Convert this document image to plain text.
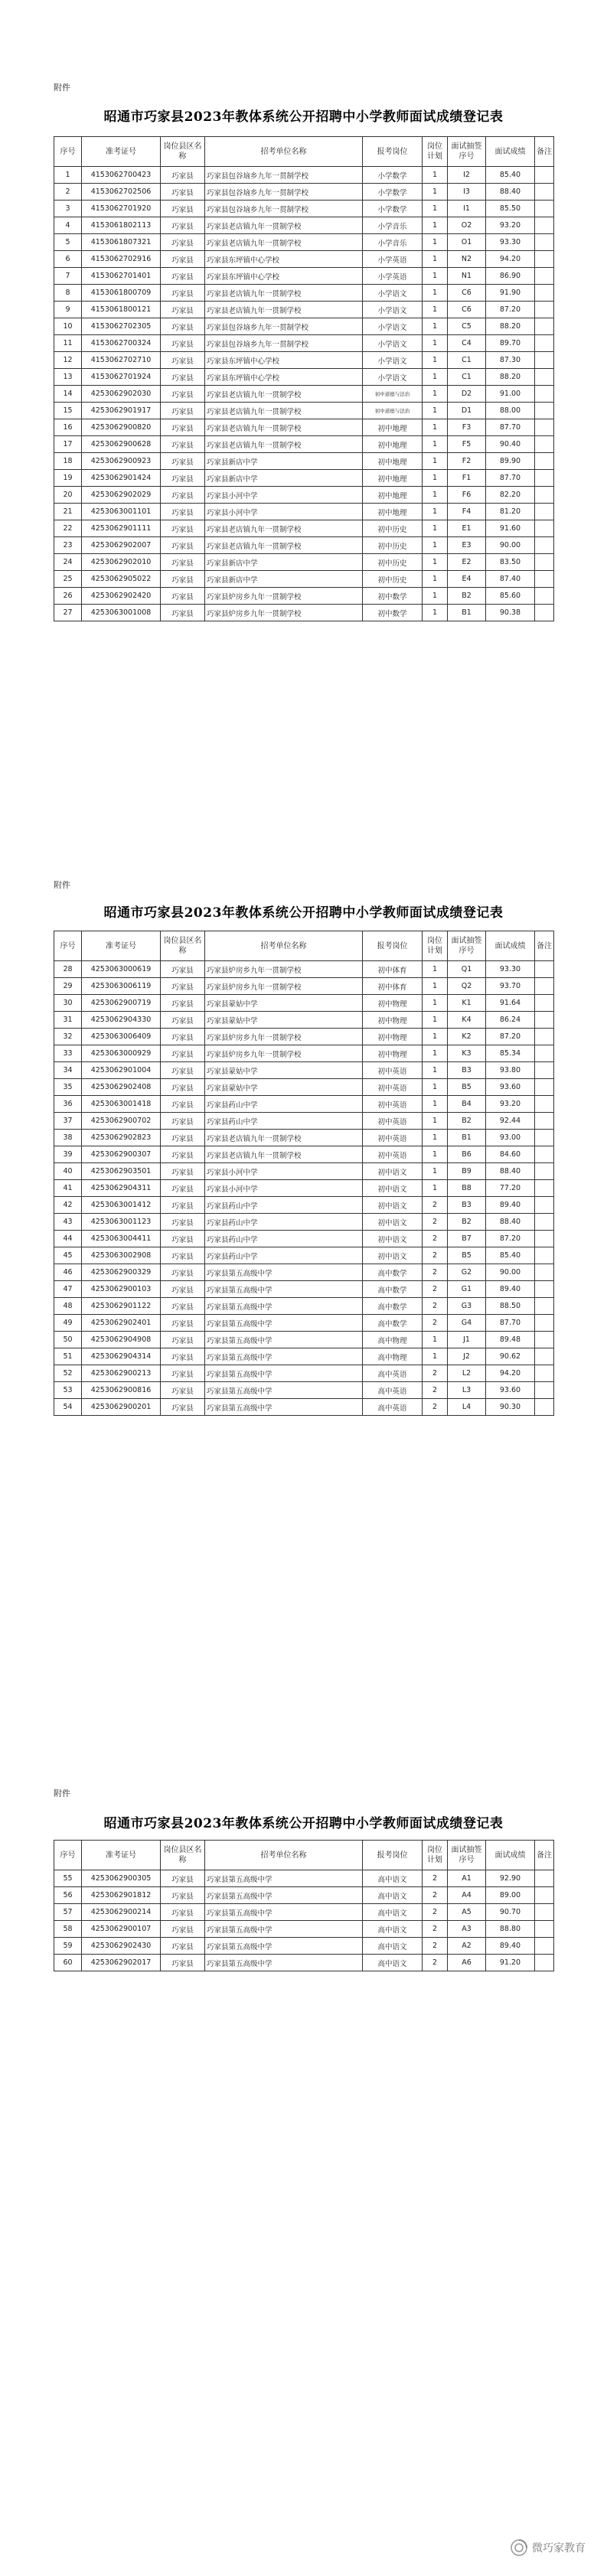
附件
昭通市巧家县2023年教体系统公开招聘中小学教师面试成绩登记表
序号	准考证号	岗位县区名称	招考单位名称	报考岗位	岗位计划	面试抽签序号	面试成绩	备注
1	4153062700423	巧家县	巧家县包谷垴乡九年一贯制学校	小学数学	1	I2	85.40	
2	4153062702506	巧家县	巧家县包谷垴乡九年一贯制学校	小学数学	1	I3	88.40	
3	4153062701920	巧家县	巧家县包谷垴乡九年一贯制学校	小学数学	1	I1	85.50	
4	4153061802113	巧家县	巧家县老店镇九年一贯制学校	小学音乐	1	O2	93.20	
5	4153061807321	巧家县	巧家县老店镇九年一贯制学校	小学音乐	1	O1	93.30	
6	4153062702916	巧家县	巧家县东坪镇中心学校	小学英语	1	N2	94.20	
7	4153062701401	巧家县	巧家县东坪镇中心学校	小学英语	1	N1	86.90	
8	4153061800709	巧家县	巧家县老店镇九年一贯制学校	小学语文	1	C6	91.90	
9	4153061800121	巧家县	巧家县老店镇九年一贯制学校	小学语文	1	C6	87.20	
10	4153062702305	巧家县	巧家县包谷垴乡九年一贯制学校	小学语文	1	C5	88.20	
11	4153062700324	巧家县	巧家县包谷垴乡九年一贯制学校	小学语文	1	C4	89.70	
12	4153062702710	巧家县	巧家县东坪镇中心学校	小学语文	1	C1	87.30	
13	4153062701924	巧家县	巧家县东坪镇中心学校	小学语文	1	C1	88.20	
14	4253062902030	巧家县	巧家县老店镇九年一贯制学校	初中道德与法治	1	D2	91.00	
15	4253062901917	巧家县	巧家县老店镇九年一贯制学校	初中道德与法治	1	D1	88.00	
16	4253062900820	巧家县	巧家县老店镇九年一贯制学校	初中地理	1	F3	87.70	
17	4253062900628	巧家县	巧家县老店镇九年一贯制学校	初中地理	1	F5	90.40	
18	4253062900923	巧家县	巧家县新店中学	初中地理	1	F2	89.90	
19	4253062901424	巧家县	巧家县新店中学	初中地理	1	F1	87.70	
20	4253062902029	巧家县	巧家县小河中学	初中地理	1	F6	82.20	
21	4253063001101	巧家县	巧家县小河中学	初中地理	1	F4	81.20	
22	4253062901111	巧家县	巧家县老店镇九年一贯制学校	初中历史	1	E1	91.60	
23	4253062902007	巧家县	巧家县老店镇九年一贯制学校	初中历史	1	E3	90.00	
24	4253062902010	巧家县	巧家县新店中学	初中历史	1	E2	83.50	
25	4253062905022	巧家县	巧家县新店中学	初中历史	1	E4	87.40	
26	4253062902420	巧家县	巧家县炉房乡九年一贯制学校	初中数学	1	B2	85.60	
27	4253063001008	巧家县	巧家县炉房乡九年一贯制学校	初中数学	1	B1	90.38	
附件
昭通市巧家县2023年教体系统公开招聘中小学教师面试成绩登记表
序号	准考证号	岗位县区名称	招考单位名称	报考岗位	岗位计划	面试抽签序号	面试成绩	备注
28	4253063000619	巧家县	巧家县炉房乡九年一贯制学校	初中体育	1	Q1	93.30	
29	4253063006119	巧家县	巧家县炉房乡九年一贯制学校	初中体育	1	Q2	93.70	
30	4253062900719	巧家县	巧家县蒙姑中学	初中物理	1	K1	91.64	
31	4253062904330	巧家县	巧家县蒙姑中学	初中物理	1	K4	86.24	
32	4253063006409	巧家县	巧家县炉房乡九年一贯制学校	初中物理	1	K2	87.20	
33	4253063000929	巧家县	巧家县炉房乡九年一贯制学校	初中物理	1	K3	85.34	
34	4253062901004	巧家县	巧家县蒙姑中学	初中英语	1	B3	93.80	
35	4253062902408	巧家县	巧家县蒙姑中学	初中英语	1	B5	93.60	
36	4253063001418	巧家县	巧家县药山中学	初中英语	1	B4	93.20	
37	4253062900702	巧家县	巧家县药山中学	初中英语	1	B2	92.44	
38	4253062902823	巧家县	巧家县老店镇九年一贯制学校	初中英语	1	B1	93.00	
39	4253062900307	巧家县	巧家县老店镇九年一贯制学校	初中英语	1	B6	84.60	
40	4253062903501	巧家县	巧家县小河中学	初中语文	1	B9	88.40	
41	4253062904311	巧家县	巧家县小河中学	初中语文	1	B8	77.20	
42	4253063001412	巧家县	巧家县药山中学	初中语文	2	B3	89.40	
43	4253063001123	巧家县	巧家县药山中学	初中语文	2	B2	88.40	
44	4253063004411	巧家县	巧家县药山中学	初中语文	2	B7	87.20	
45	4253063002908	巧家县	巧家县药山中学	初中语文	2	B5	85.40	
46	4253062900329	巧家县	巧家县第五高级中学	高中数学	2	G2	90.00	
47	4253062900103	巧家县	巧家县第五高级中学	高中数学	2	G1	89.40	
48	4253062901122	巧家县	巧家县第五高级中学	高中数学	2	G3	88.50	
49	4253062902401	巧家县	巧家县第五高级中学	高中数学	2	G4	87.70	
50	4253062904908	巧家县	巧家县第五高级中学	高中物理	1	J1	89.48	
51	4253062904314	巧家县	巧家县第五高级中学	高中物理	1	J2	90.62	
52	4253062900213	巧家县	巧家县第五高级中学	高中英语	2	L2	94.20	
53	4253062900816	巧家县	巧家县第五高级中学	高中英语	2	L3	93.60	
54	4253062900201	巧家县	巧家县第五高级中学	高中英语	2	L4	90.30	
附件
昭通市巧家县2023年教体系统公开招聘中小学教师面试成绩登记表
序号	准考证号	岗位县区名称	招考单位名称	报考岗位	岗位计划	面试抽签序号	面试成绩	备注
55	4253062900305	巧家县	巧家县第五高级中学	高中语文	2	A1	92.90	
56	4253062901812	巧家县	巧家县第五高级中学	高中语文	2	A4	89.00	
57	4253062900214	巧家县	巧家县第五高级中学	高中语文	2	A5	90.70	
58	4253062900107	巧家县	巧家县第五高级中学	高中语文	2	A3	88.80	
59	4253062902430	巧家县	巧家县第五高级中学	高中语文	2	A2	89.40	
60	4253062902017	巧家县	巧家县第五高级中学	高中语文	2	A6	91.20	
微巧家教育
